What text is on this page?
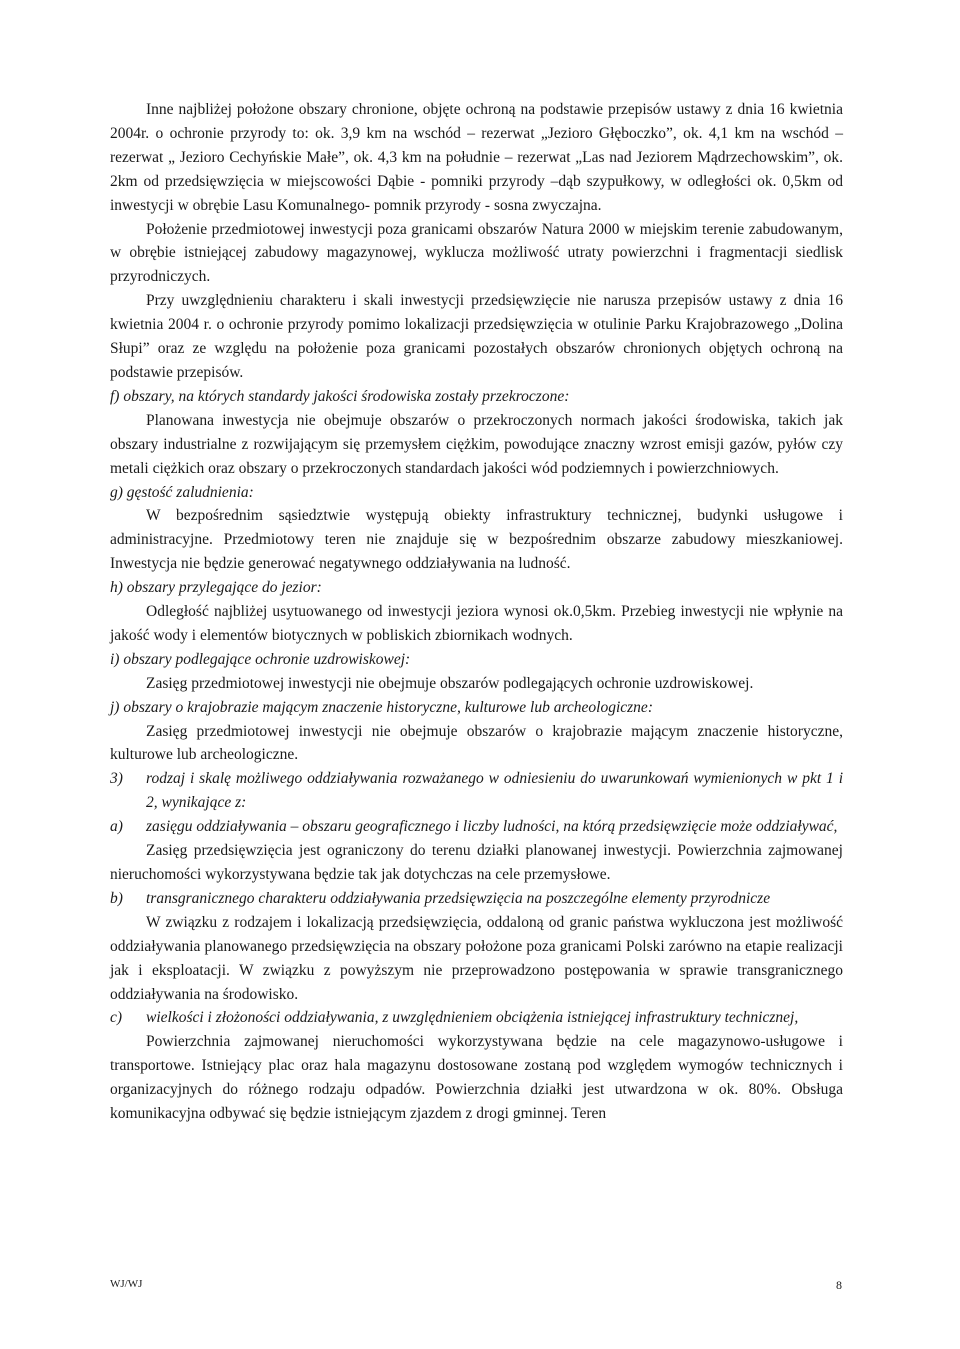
Inne najbliżej położone obszary chronione, objęte ochroną na podstawie przepisów ustawy z dnia 16 kwietnia 2004r. o ochronie przyrody to: ok. 3,9 km na wschód – rezerwat „Jezioro Głęboczko”, ok. 4,1 km na wschód – rezerwat „ Jezioro Cechyńskie Małe”, ok. 4,3 km na południe – rezerwat „Las nad Jeziorem Mądrzechowskim”, ok. 2km od przedsięwzięcia w miejscowości Dąbie - pomniki przyrody –dąb szypułkowy, w odległości ok. 0,5km od inwestycji w obrębie Lasu Komunalnego- pomnik przyrody - sosna zwyczajna.

Położenie przedmiotowej inwestycji poza granicami obszarów Natura 2000 w miejskim terenie zabudowanym, w obrębie istniejącej zabudowy magazynowej, wyklucza możliwość utraty powierzchni i fragmentacji siedlisk przyrodniczych.

Przy uwzględnieniu charakteru i skali inwestycji przedsięwzięcie nie narusza przepisów ustawy z dnia 16 kwietnia 2004 r. o ochronie przyrody pomimo lokalizacji przedsięwzięcia w otulinie Parku Krajobrazowego „Dolina Słupi” oraz ze względu na położenie poza granicami pozostałych obszarów chronionych objętych ochroną na podstawie przepisów.

f) obszary, na których standardy jakości środowiska zostały przekroczone:

Planowana inwestycja nie obejmuje obszarów o przekroczonych normach jakości środowiska, takich jak obszary industrialne z rozwijającym się przemysłem ciężkim, powodujące znaczny wzrost emisji gazów, pyłów czy metali ciężkich oraz obszary o przekroczonych standardach jakości wód podziemnych i powierzchniowych.

g) gęstość zaludnienia:

W bezpośrednim sąsiedztwie występują obiekty infrastruktury technicznej, budynki usługowe i administracyjne. Przedmiotowy teren nie znajduje się w bezpośrednim obszarze zabudowy mieszkaniowej. Inwestycja nie będzie generować negatywnego oddziaływania na ludność.

h) obszary przylegające do jezior:

Odległość najbliżej usytuowanego od inwestycji jeziora wynosi ok.0,5km. Przebieg inwestycji nie wpłynie na jakość wody i elementów biotycznych w pobliskich zbiornikach wodnych.

i) obszary podlegające ochronie uzdrowiskowej:

Zasięg przedmiotowej inwestycji nie obejmuje obszarów podlegających ochronie uzdrowiskowej.

j) obszary o krajobrazie mającym znaczenie historyczne, kulturowe lub archeologiczne:

Zasięg przedmiotowej inwestycji nie obejmuje obszarów o krajobrazie mającym znaczenie historyczne, kulturowe lub archeologiczne.

3) rodzaj i skalę możliwego oddziaływania rozważanego w odniesieniu do uwarunkowań wymienionych w pkt 1 i 2, wynikające z:

a) zasięgu oddziaływania – obszaru geograficznego i liczby ludności, na którą przedsięwzięcie może oddziaływać,

Zasięg przedsięwzięcia jest ograniczony do terenu działki planowanej inwestycji. Powierzchnia zajmowanej nieruchomości wykorzystywana będzie tak jak dotychczas na cele przemysłowe.

b) transgranicznego charakteru oddziaływania przedsięwzięcia na poszczególne elementy przyrodnicze

W związku z rodzajem i lokalizacją przedsięwzięcia, oddaloną od granic państwa wykluczona jest możliwość oddziaływania planowanego przedsięwzięcia na obszary położone poza granicami Polski zarówno na etapie realizacji jak i eksploatacji. W związku z powyższym nie przeprowadzono postępowania w sprawie transgranicznego oddziaływania na środowisko.

c) wielkości i złożoności oddziaływania, z uwzględnieniem obciążenia istniejącej infrastruktury technicznej,

Powierzchnia zajmowanej nieruchomości wykorzystywana będzie na cele magazynowo-usługowe i transportowe. Istniejący plac oraz hala magazynu dostosowane zostaną pod względem wymogów technicznych i organizacyjnych do różnego rodzaju odpadów. Powierzchnia działki jest utwardzona w ok. 80%. Obsługa komunikacyjna odbywać się będzie istniejącym zjazdem z drogi gminnej. Teren

WJ/WJ	8
